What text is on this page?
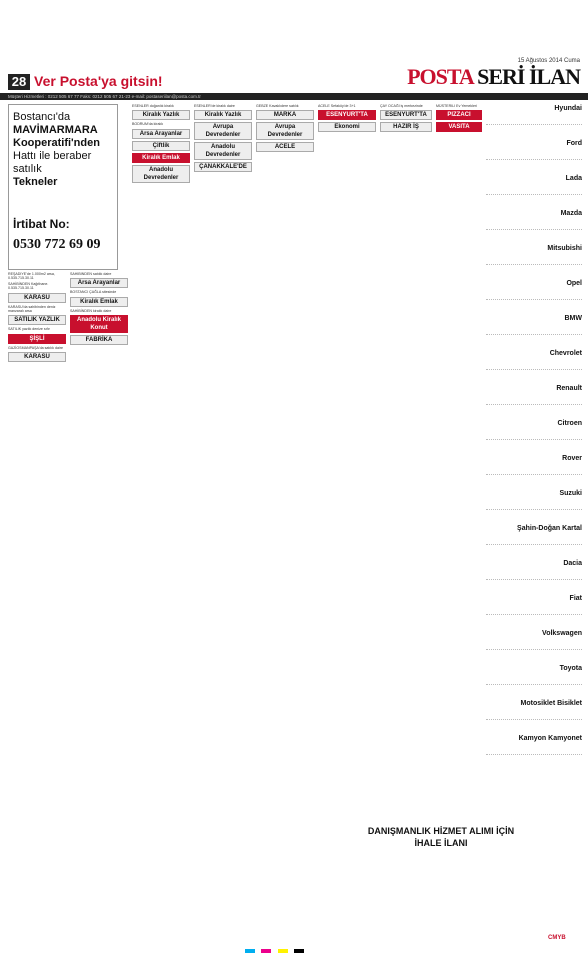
28 Ver Posta'ya gitsin!
15 Ağustos 2014 Cuma
POSTA SERİ İLAN
Müşteri Hizmetleri : 0212 505 67 77 Faks: 0212 505 67 21-23 e-mail: postaseriilan@posta.com.tr
Bostancı'da
MAVİMARMARA
Kooperatifi'nden
Hattı ile beraber
satılık
Tekneler
İrtibat No:
0530 772 69 09

REŞADİYE'de 1.000m2 arsa, 0.535.715.30.11

SAHİBİNDEN Kağıthane. 0.535.715.30.11

KARASU

KARASU'da sahibinden deniz manzaralı arsa

SATILIK YAZLIK

SATILIK yazlık denize sıfır

ŞİŞLİ

GAZİOSMANPAŞA'da satılık daire

KARASU

SAHİBİNDEN satılık daire

Arsa Arayanlar

BOSTANCI ÇAĞLA sitesinde

Kiralık Emlak

SAHİBİNDEN kiralık daire

Anadolu Kiralık Konut
FABRİKA

ESENLER doğanlık kiralık

Kiralık Yazlık

BODRUM'da kiralık

Arsa Arayanlar
Çiftlik
Kiralık Emlak
Anadolu Devredenler

ESENLER'de kiralık daire

Kiralık Yazlık
Avrupa Devredenler
Anadolu Devredenler
ÇANAKKALE'DE

GEBZE Kavaklıdere satılık

MARKA
Avrupa Devredenler
ACELE

ACELE Sefaköy'de 3+1

ESENYURT'TA
Ekonomi

ÇAY OCAĞI iş merkezinde

ESENYURT'TA
HAZIR İŞ

MÜSTERİLİ Ev Yemekleri

PIZZACI
VASITA
Hyundai
Ford
Lada
Mazda
Mitsubishi
Opel
BMW
Chevrolet
Renault
Citroen
Rover
Suzuki
Şahin-Doğan Kartal
Dacia
Fiat
Volkswagen
Toyota
Motosiklet Bisiklet
Kamyon Kamyonet
DANIŞMANLIK HİZMET ALIMI İÇİN
İHALE İLANI

CMYB
